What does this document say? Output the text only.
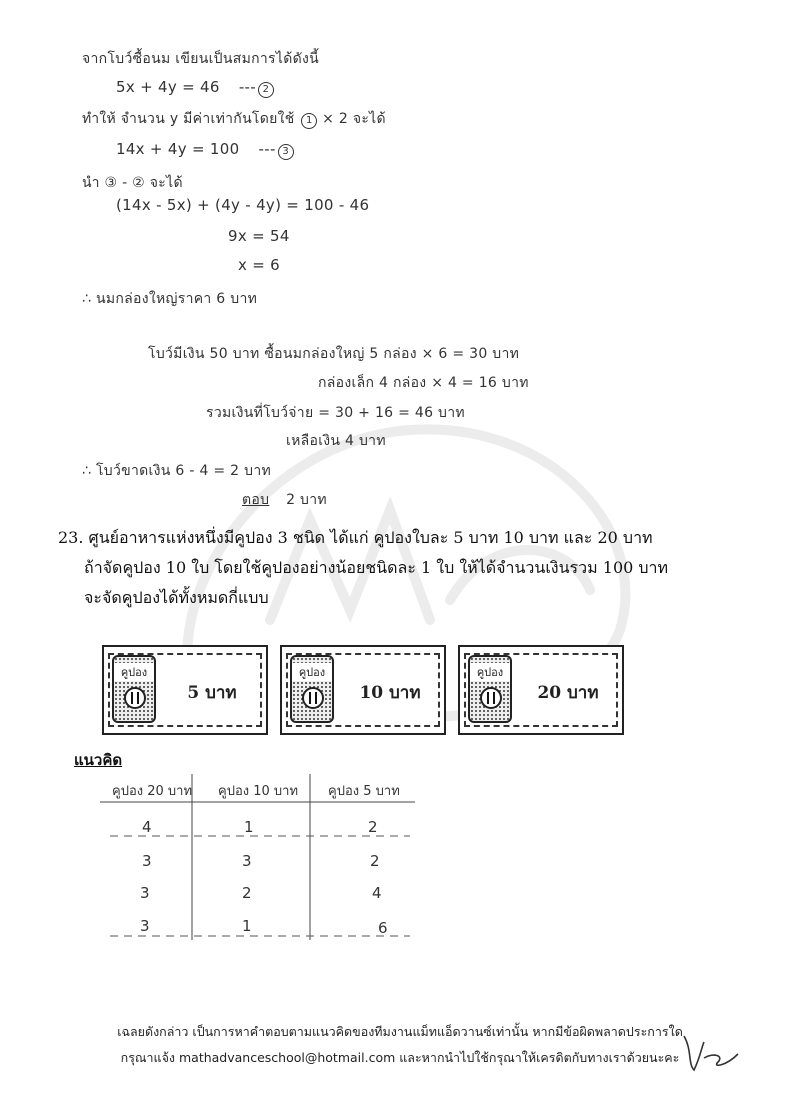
จากโบว์ซื้อนม เขียนเป็นสมการได้ดังนี้
5x + 4y = 46 --- 2
ทำให้ จำนวน y มีค่าเท่ากันโดยใช้ 1 × 2 จะได้
14x + 4y = 100 --- 3
นำ ③ - ② จะได้
(14x - 5x) + (4y - 4y) = 100 - 46
9x = 54
x = 6
∴ นมกล่องใหญ่ราคา 6 บาท
โบว์มีเงิน 50 บาท ซื้อนมกล่องใหญ่ 5 กล่อง × 6 = 30 บาท
กล่องเล็ก 4 กล่อง × 4 = 16 บาท
รวมเงินที่โบว์จ่าย = 30 + 16 = 46 บาท
เหลือเงิน 4 บาท
∴ โบว์ขาดเงิน 6 - 4 = 2 บาท
ตอบ 2 บาท
23. ศูนย์อาหารแห่งหนึ่งมีคูปอง 3 ชนิด ได้แก่ คูปองใบละ 5 บาท 10 บาท และ 20 บาท
ถ้าจัดคูปอง 10 ใบ โดยใช้คูปองอย่างน้อยชนิดละ 1 ใบ ให้ได้จำนวนเงินรวม 100 บาท
จะจัดคูปองได้ทั้งหมดกี่แบบ
คูปอง
5 บาท
คูปอง
10 บาท
คูปอง
20 บาท
แนวคิด
คูปอง 20 บาท คูปอง 10 บาท คูปอง 5 บาท
4	1	2
3	3	2
3	2	4
3	1	6
เฉลยดังกล่าว เป็นการหาคำตอบตามแนวคิดของทีมงานแม็ทแอ็ดวานซ์เท่านั้น หากมีข้อผิดพลาดประการใด
กรุณาแจ้ง mathadvanceschool@hotmail.com และหากนำไปใช้กรุณาให้เครดิตกับทางเราด้วยนะคะ
